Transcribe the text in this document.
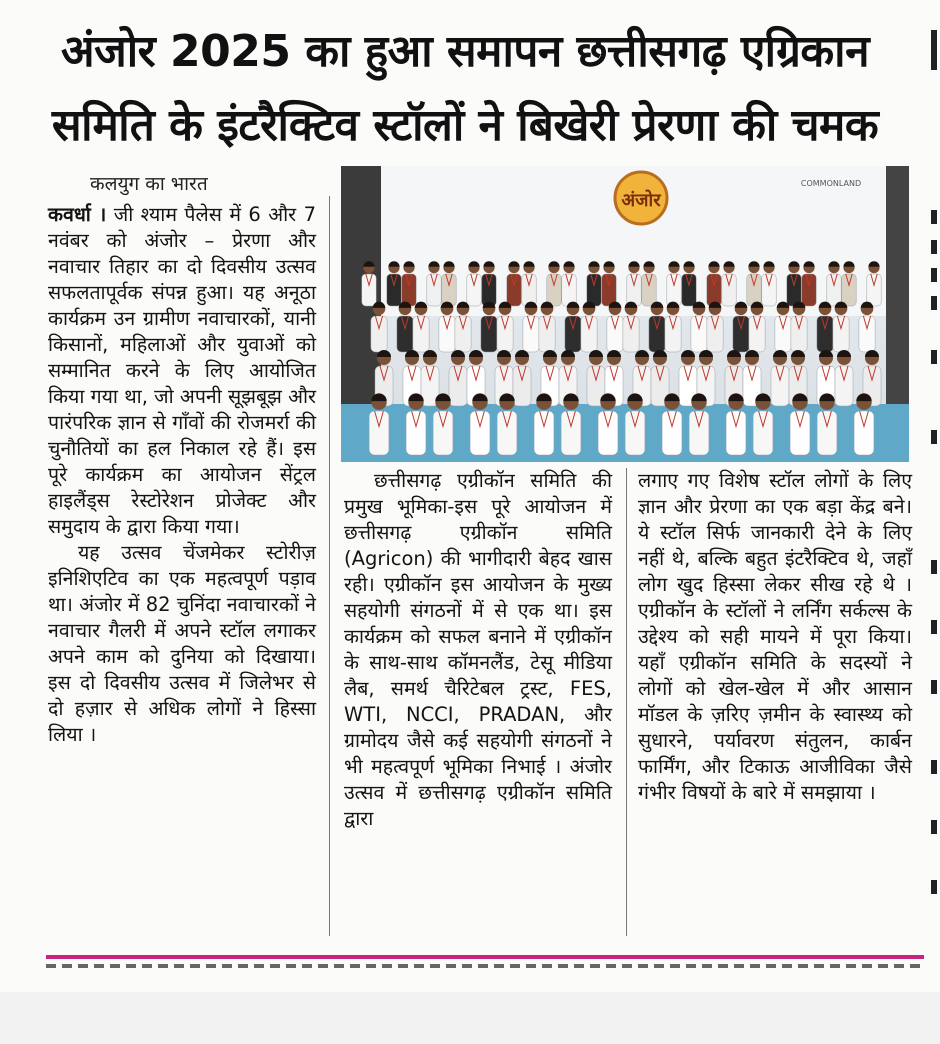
अंजोर 2025 का हुआ समापन छत्तीसगढ़ एग्रिकान
समिति के इंटरैक्टिव स्टॉलों ने बिखेरी प्रेरणा की चमक
कलयुग का भारत

कवर्धा । जी श्याम पैलेस में 6 और 7 नवंबर को अंजोर – प्रेरणा और नवाचार तिहार का दो दिवसीय उत्सव सफलतापूर्वक संपन्न हुआ। यह अनूठा कार्यक्रम उन ग्रामीण नवाचारकों, यानी किसानों, महिलाओं और युवाओं को सम्मानित करने के लिए आयोजित किया गया था, जो अपनी सूझबूझ और पारंपरिक ज्ञान से गाँवों की रोजमर्रा की चुनौतियों का हल निकाल रहे हैं। इस पूरे कार्यक्रम का आयोजन सेंट्रल हाइलैंड्स रेस्टोरेशन प्रोजेक्ट और समुदाय के द्वारा किया गया।

यह उत्सव चेंजमेकर स्टोरीज़ इनिशिएटिव का एक महत्वपूर्ण पड़ाव था। अंजोर में 82 चुनिंदा नवाचारकों ने नवाचार गैलरी में अपने स्टॉल लगाकर अपने काम को दुनिया को दिखाया। इस दो दिवसीय उत्सव में जिलेभर से दो हज़ार से अधिक लोगों ने हिस्सा लिया ।

अंजोर
COMMONLAND

छत्तीसगढ़ एग्रीकॉन समिति की प्रमुख भूमिका-इस पूरे आयोजन में छत्तीसगढ़ एग्रीकॉन समिति (Agricon) की भागीदारी बेहद खास रही। एग्रीकॉन इस आयोजन के मुख्य सहयोगी संगठनों में से एक था। इस कार्यक्रम को सफल बनाने में एग्रीकॉन के साथ-साथ कॉमनलैंड, टेसू मीडिया लैब, समर्थ चैरिटेबल ट्रस्ट, FES, WTI, NCCI, PRADAN, और ग्रामोदय जैसे कई सहयोगी संगठनों ने भी महत्वपूर्ण भूमिका निभाई । अंजोर उत्सव में छत्तीसगढ़ एग्रीकॉन समिति द्वारा

लगाए गए विशेष स्टॉल लोगों के लिए ज्ञान और प्रेरणा का एक बड़ा केंद्र बने। ये स्टॉल सिर्फ जानकारी देने के लिए नहीं थे, बल्कि बहुत इंटरैक्टिव थे, जहाँ लोग खुद हिस्सा लेकर सीख रहे थे । एग्रीकॉन के स्टॉलों ने लर्निंग सर्कल्स के उद्देश्य को सही मायने में पूरा किया। यहाँ एग्रीकॉन समिति के सदस्यों ने लोगों को खेल-खेल में और आसान मॉडल के ज़रिए ज़मीन के स्वास्थ्य को सुधारने, पर्यावरण संतुलन, कार्बन फार्मिंग, और टिकाऊ आजीविका जैसे गंभीर विषयों के बारे में समझाया ।
